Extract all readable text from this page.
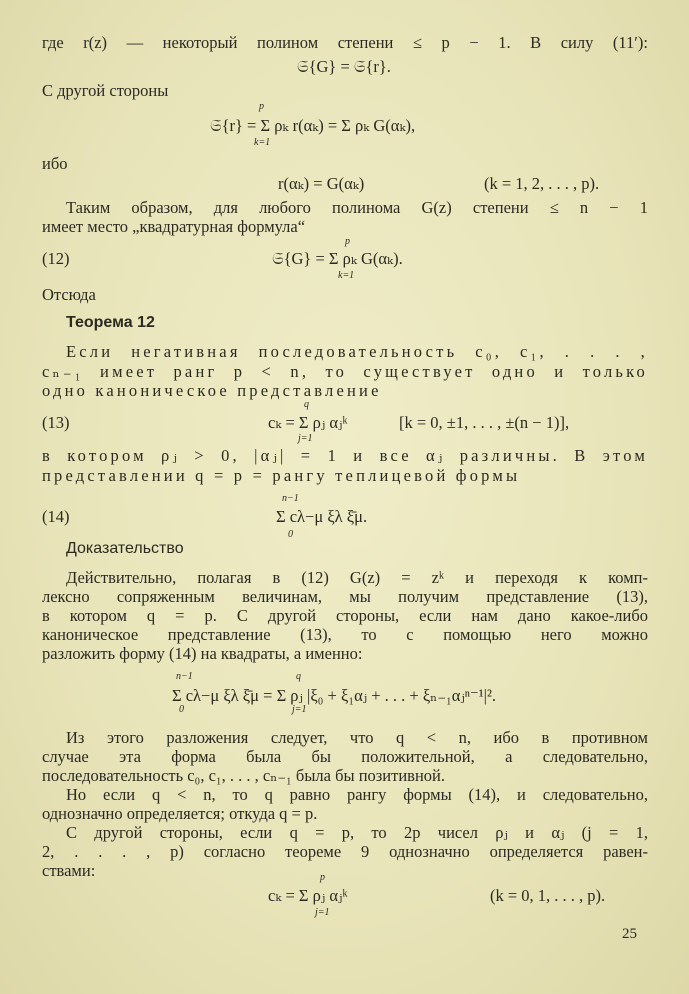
где r(z) — некоторый полином степени ≤ p − 1. В силу (11′):
𝔖{G} = 𝔖{r}.
С другой стороны
p
𝔖{r} = Σ ρₖ r(αₖ) = Σ ρₖ G(αₖ),
k=1
ибо
r(αₖ) = G(αₖ)	(k = 1, 2, . . . , p).
Таким образом, для любого полинома G(z) степени ≤ n − 1
имеет место „квадратурная формула“
p
(12)	𝔖{G} = Σ ρₖ G(αₖ).
k=1
Отсюда
Теорема 12
Если негативная последовательность c₀, c₁, . . . ,
cₙ₋₁ имеет ранг p < n, то существует одно и только
одно каноническое представление
q
(13)	cₖ = Σ ρⱼ αⱼᵏ	[k = 0, ±1, . . . , ±(n − 1)],
j=1
в котором ρⱼ > 0, |αⱼ| = 1 и все αⱼ различны. В этом
представлении q = p = рангу теплицевой формы
n−1
(14)	Σ cλ−μ ξλ ξ̄μ.
0
Доказательство
Действительно, полагая в (12) G(z) = zᵏ и переходя к комп-
лексно сопряженным величинам, мы получим представление (13),
в котором q = p. С другой стороны, если нам дано какое-либо
каноническое представление (13), то с помощью него можно
разложить форму (14) на квадраты, а именно:
n−1	q
Σ cλ−μ ξλ ξ̄μ = Σ ρⱼ |ξ₀ + ξ₁αⱼ + . . . + ξₙ₋₁αⱼⁿ⁻¹|².
0	j=1
Из этого разложения следует, что q < n, ибо в противном
случае эта форма была бы положительной, а следовательно,
последовательность c₀, c₁, . . . , cₙ₋₁ была бы позитивной.
Но если q < n, то q равно рангу формы (14), и следовательно,
однозначно определяется; откуда q = p.
С другой стороны, если q = p, то 2p чисел ρⱼ и αⱼ (j = 1,
2, . . . , p) согласно теореме 9 однозначно определяется равен-
ствами:	p
cₖ = Σ ρⱼ αⱼᵏ	(k = 0, 1, . . . , p).
j=1
25
